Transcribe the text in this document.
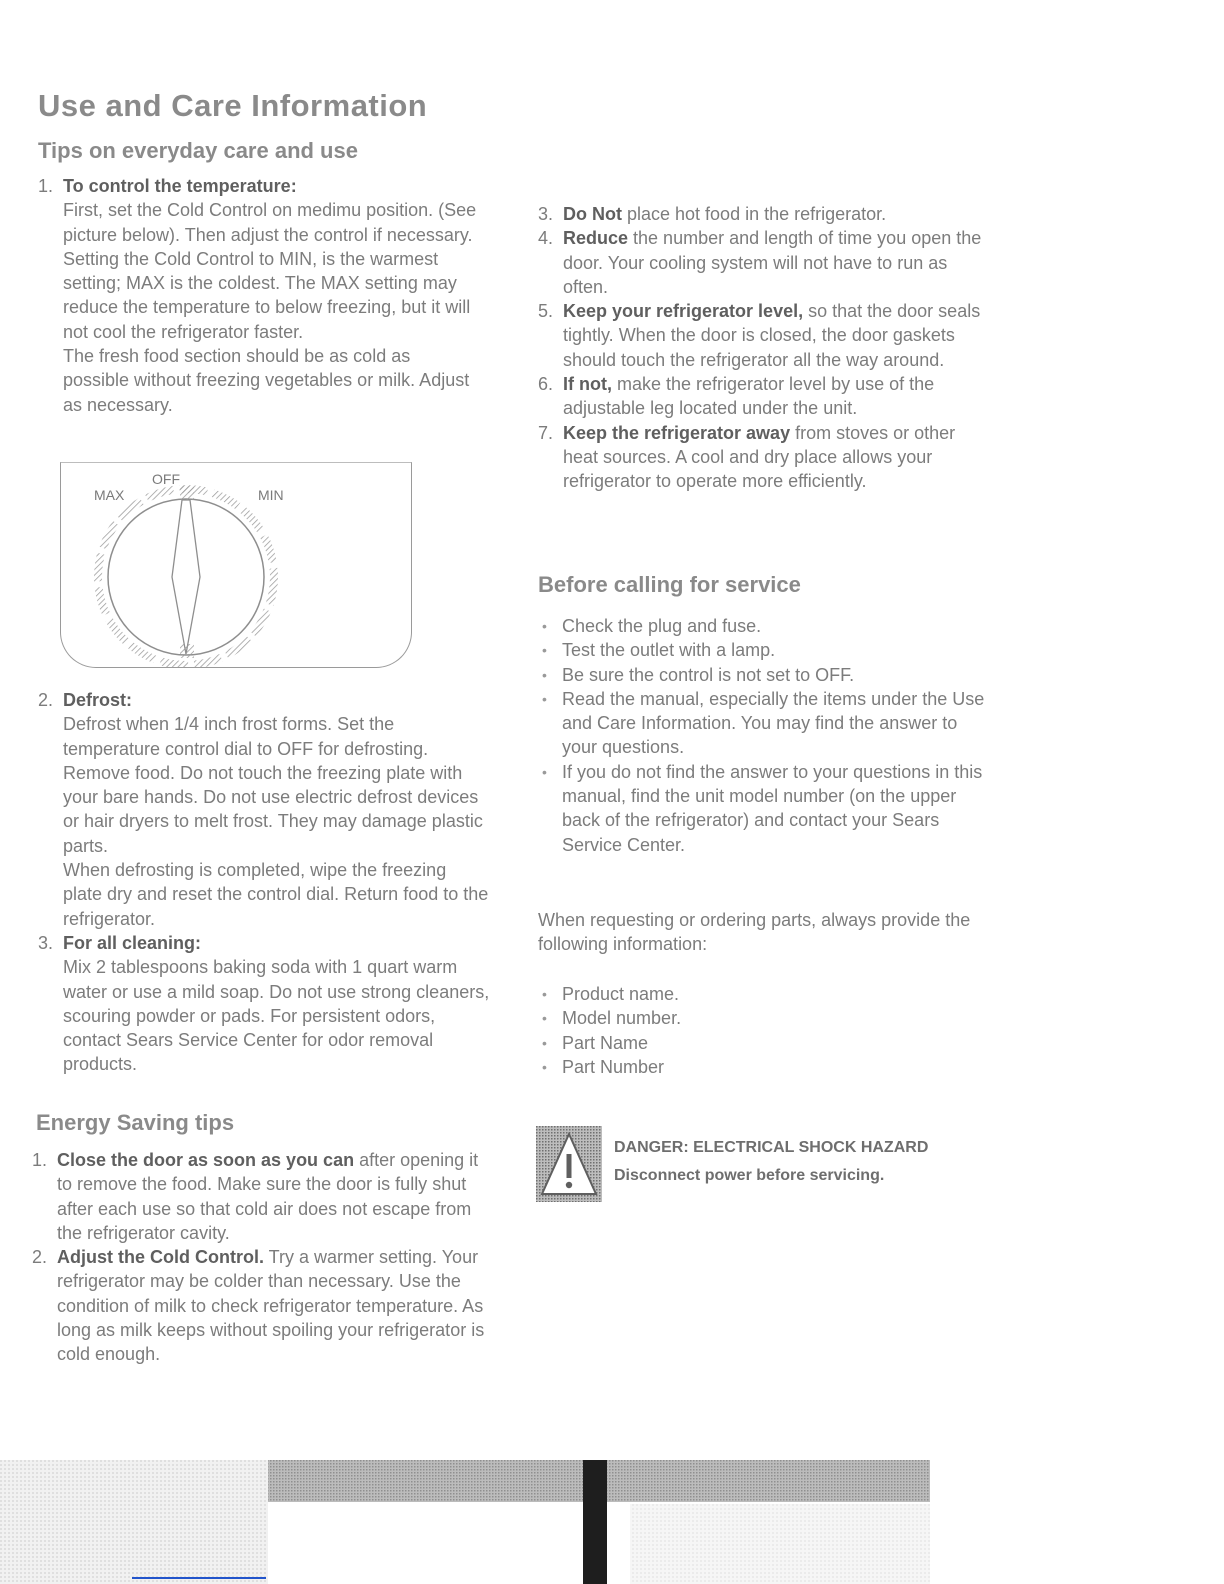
Use and Care Information
Tips on everyday care and use
1. To control the temperature:
First, set the Cold Control on medimu position. (See picture below). Then adjust the control if necessary. Setting the Cold Control to MIN, is the warmest setting; MAX is the coldest. The MAX setting may reduce the temperature to below freezing, but it will not cool the refrigerator faster.
The fresh food section should be as cold as possible without freezing vegetables or milk. Adjust as necessary.
MAX
OFF
MIN
2. Defrost:
Defrost when 1/4 inch frost forms. Set the temperature control dial to OFF for defrosting. Remove food. Do not touch the freezing plate with your bare hands. Do not use electric defrost devices or hair dryers to melt frost. They may damage plastic parts.
When defrosting is completed, wipe the freezing plate dry and reset the control dial. Return food to the refrigerator.
3. For all cleaning:
Mix 2 tablespoons baking soda with 1 quart warm water or use a mild soap. Do not use strong cleaners, scouring powder or pads. For persistent odors, contact Sears Service Center for odor removal products.
Energy Saving tips
1. Close the door as soon as you can after opening it to remove the food. Make sure the door is fully shut after each use so that cold air does not escape from the refrigerator cavity.
2. Adjust the Cold Control. Try a warmer setting. Your refrigerator may be colder than necessary. Use the condition of milk to check refrigerator temperature. As long as milk keeps without spoiling your refrigerator is cold enough.
3. Do Not place hot food in the refrigerator.
4. Reduce the number and length of time you open the door. Your cooling system will not have to run as often.
5. Keep your refrigerator level, so that the door seals tightly. When the door is closed, the door gaskets should touch the refrigerator all the way around.
6. If not, make the refrigerator level by use of the adjustable leg located under the unit.
7. Keep the refrigerator away from stoves or other heat sources. A cool and dry place allows your refrigerator to operate more efficiently.
Before calling for service
• Check the plug and fuse.
• Test the outlet with a lamp.
• Be sure the control is not set to OFF.
• Read the manual, especially the items under the Use and Care Information. You may find the answer to your questions.
• If you do not find the answer to your questions in this manual, find the unit model number (on the upper back of the refrigerator) and contact your Sears Service Center.
When requesting or ordering parts, always provide the following information:
• Product name.
• Model number.
• Part Name
• Part Number
DANGER: ELECTRICAL SHOCK HAZARD
Disconnect power before servicing.
